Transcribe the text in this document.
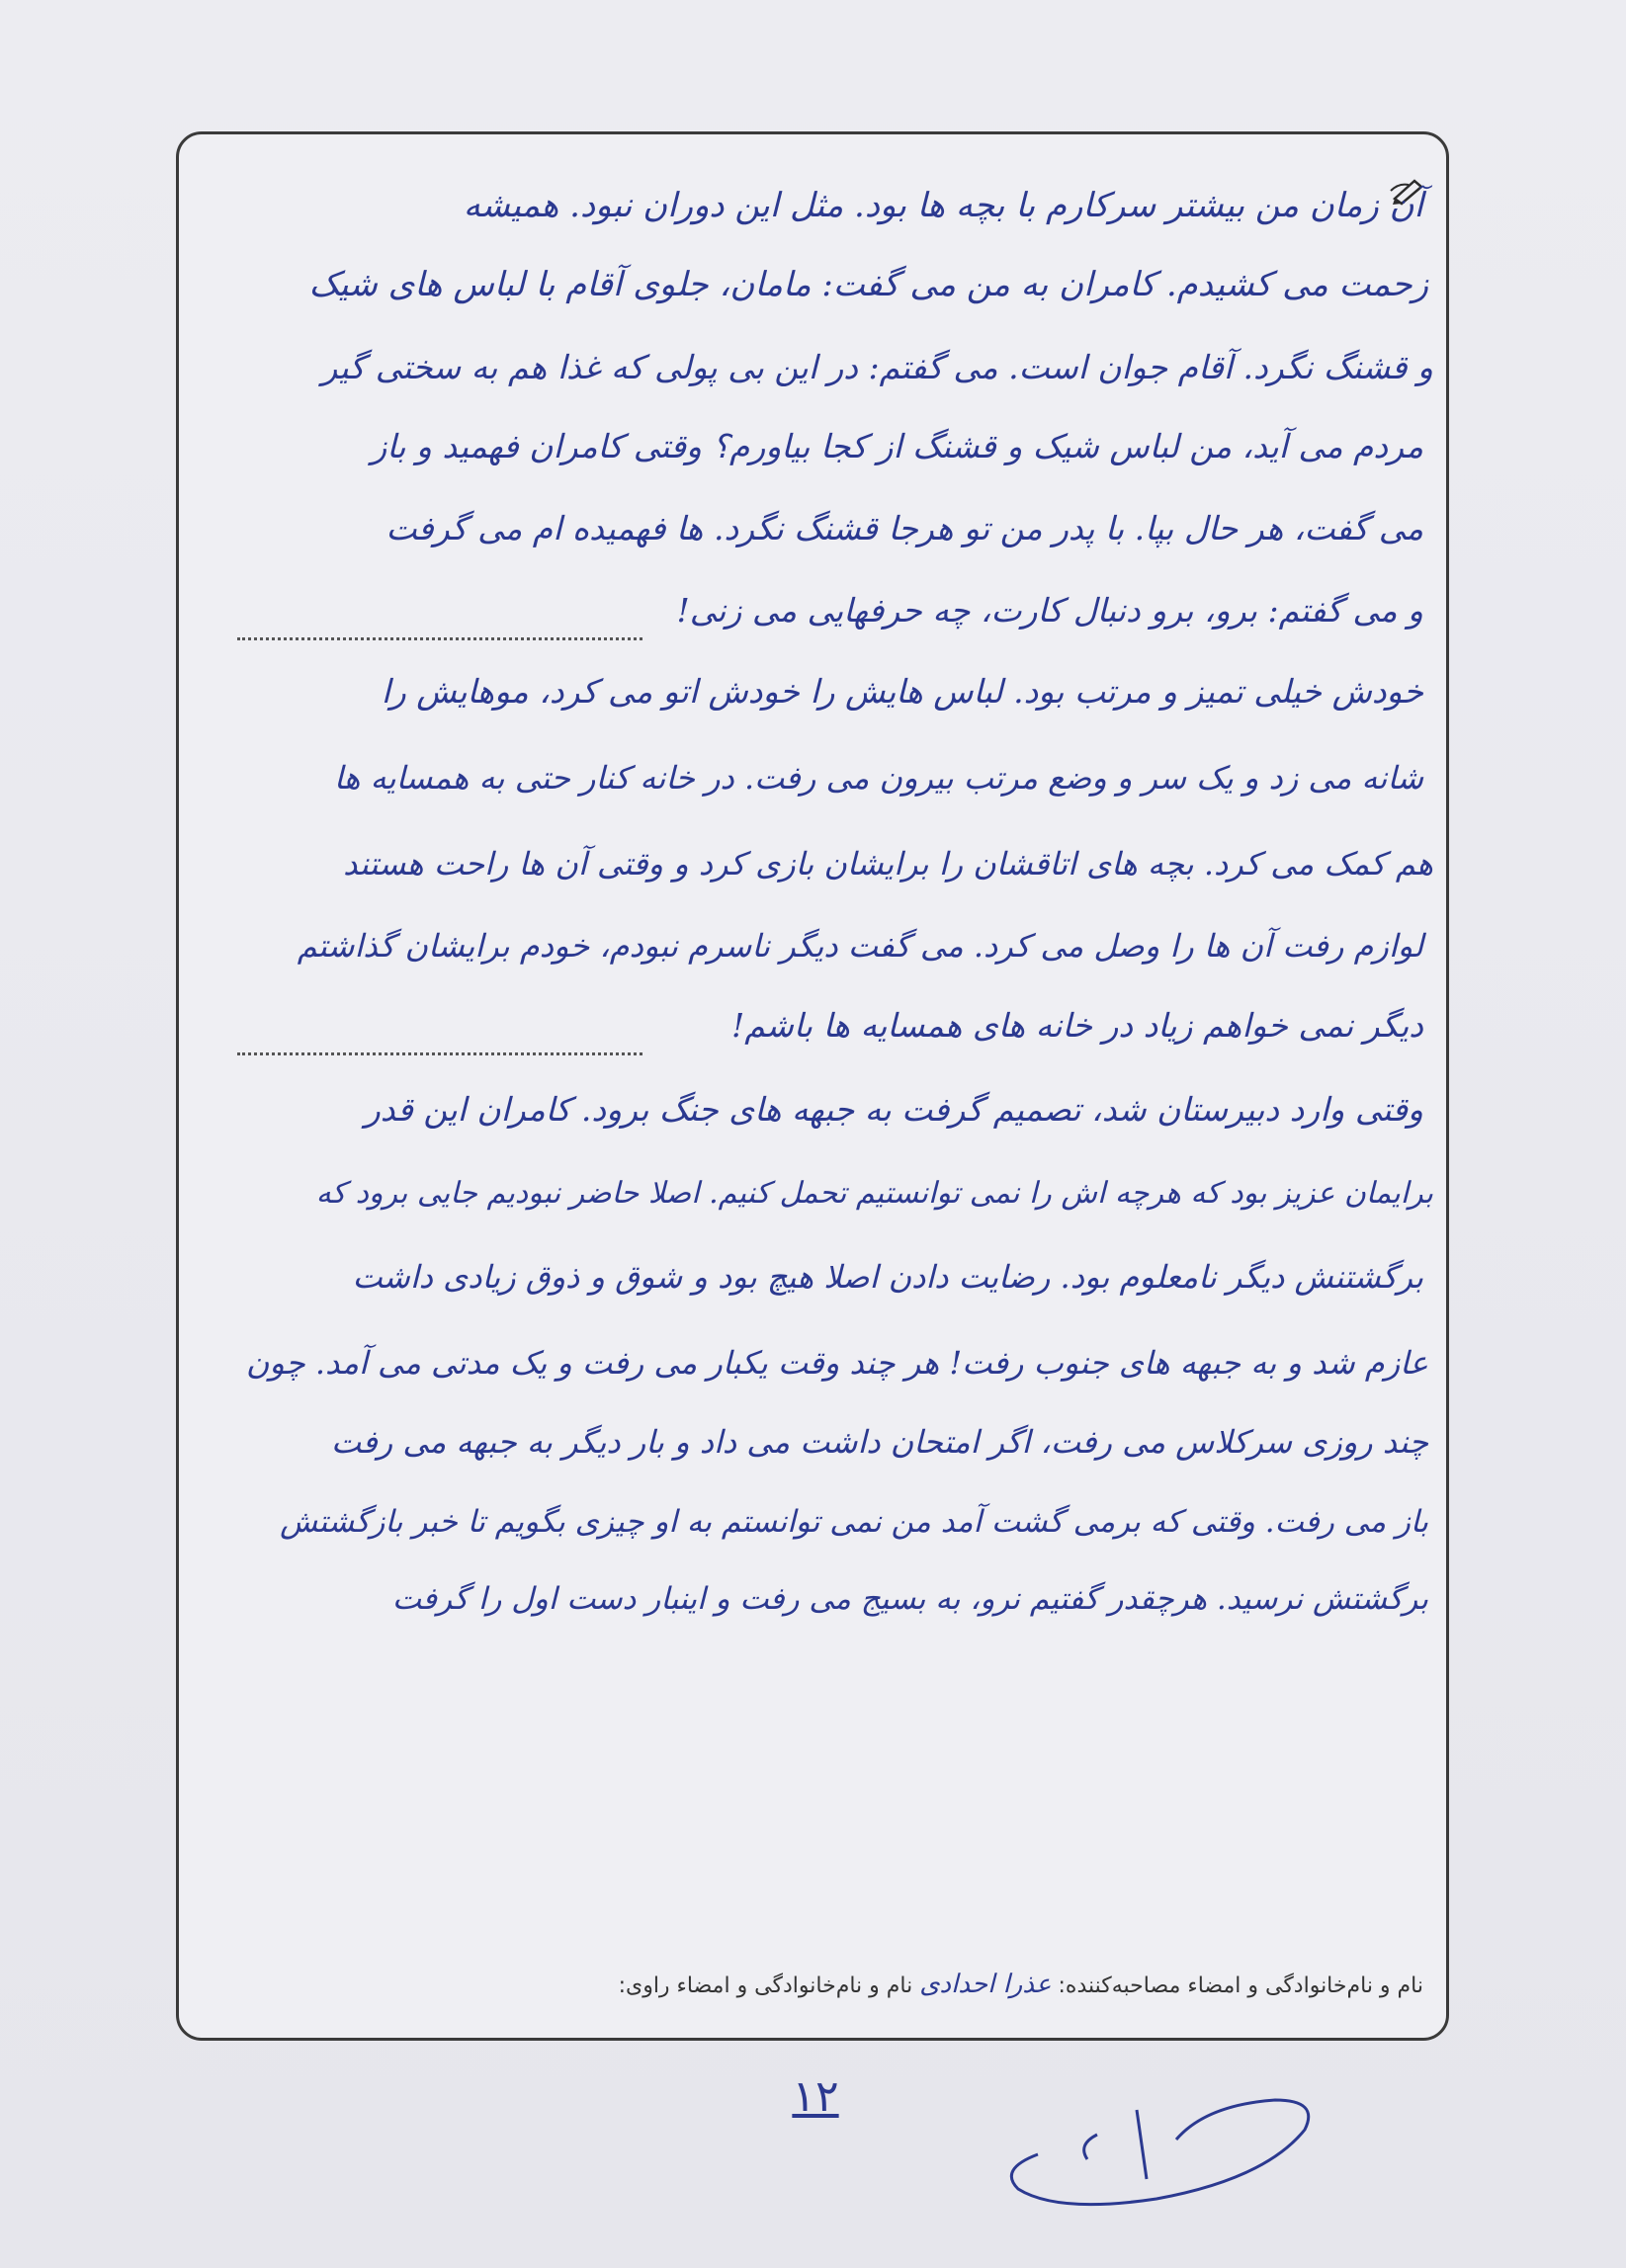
آن زمان من بیشتر سرکارم با بچه ها بود. مثل این دوران نبود. همیشه
زحمت می کشیدم. کامران به من می گفت: مامان، جلوی آقام با لباس های شیک
و قشنگ نگرد. آقام جوان است. می گفتم: در این بی پولی که غذا هم به سختی گیر
مردم می آید، من لباس شیک و قشنگ از کجا بیاورم؟ وقتی کامران فهمید و باز
می گفت، هر حال بپا. با پدر من تو هرجا قشنگ نگرد. ها فهمیده ام می گرفت
و می گفتم: برو، برو دنبال کارت، چه حرفهایی می زنی!
خودش خیلی تمیز و مرتب بود. لباس هایش را خودش اتو می کرد، موهایش را
شانه می زد و یک سر و وضع مرتب بیرون می رفت. در خانه کنار حتی به همسایه ها
هم کمک می کرد. بچه های اتاقشان را برایشان بازی کرد و وقتی آن ها راحت هستند
لوازم رفت آن ها را وصل می کرد. می گفت دیگر ناسرم نبودم، خودم برایشان گذاشتم
دیگر نمی خواهم زیاد در خانه های همسایه ها باشم!
وقتی وارد دبیرستان شد، تصمیم گرفت به جبهه های جنگ برود. کامران این قدر
برایمان عزیز بود که هرچه اش را نمی توانستیم تحمل کنیم. اصلا حاضر نبودیم جایی برود که
برگشتنش دیگر نامعلوم بود. رضایت دادن اصلا هیچ بود و شوق و ذوق زیادی داشت
عازم شد و به جبهه های جنوب رفت! هر چند وقت یکبار می رفت و یک مدتی می آمد. چون
چند روزی سرکلاس می رفت، اگر امتحان داشت می داد و بار دیگر به جبهه می رفت
باز می رفت. وقتی که برمی گشت آمد من نمی توانستم به او چیزی بگویم تا خبر بازگشتش
برگشتش نرسید. هرچقدر گفتیم نرو، به بسیج می رفت و اینبار دست اول را گرفت
نام و نام‌خانوادگی و امضاء مصاحبه‌کننده: عذرا احدادی نام و نام‌خانوادگی و امضاء راوی:
١٢
